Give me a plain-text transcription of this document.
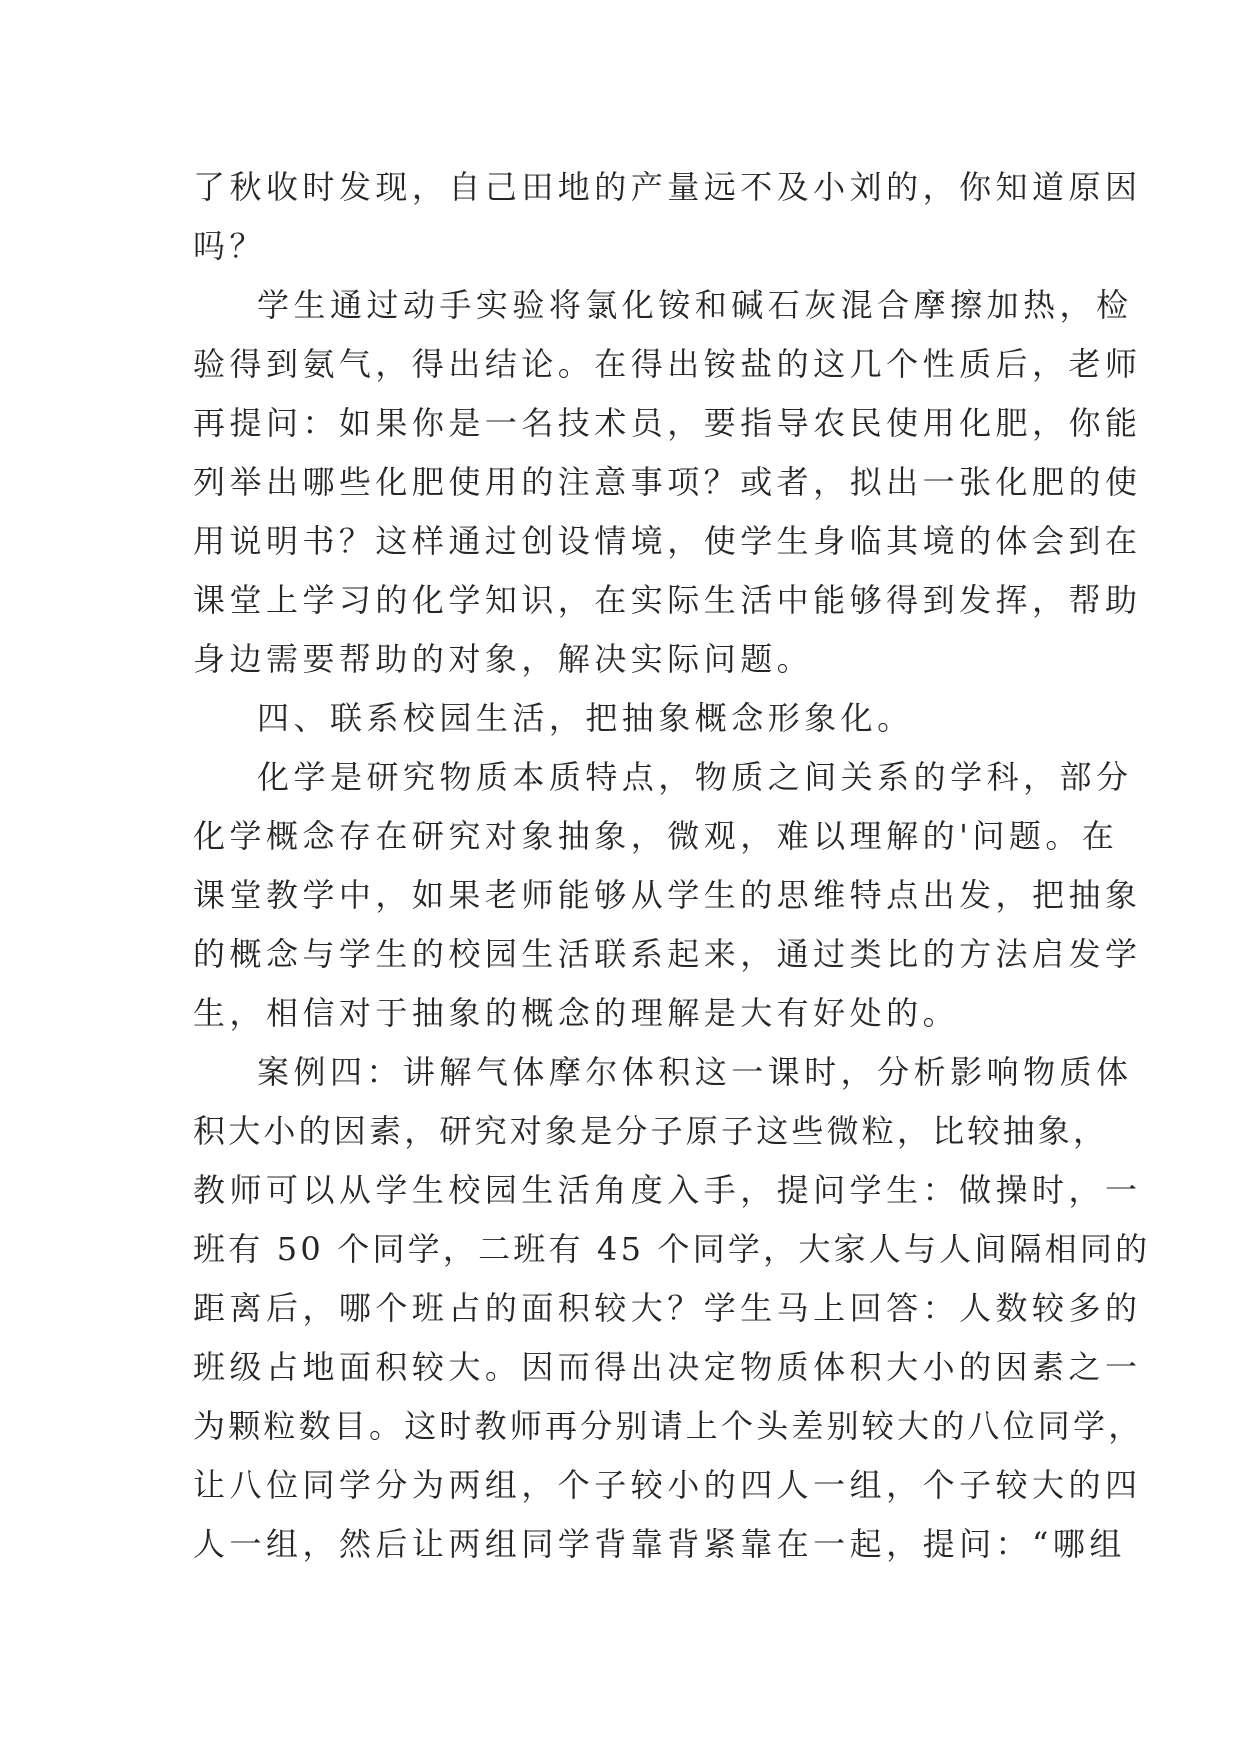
了秋收时发现，自己田地的产量远不及小刘的，你知道原因
吗？
学生通过动手实验将氯化铵和碱石灰混合摩擦加热，检
验得到氨气，得出结论。在得出铵盐的这几个性质后，老师
再提问：如果你是一名技术员，要指导农民使用化肥，你能
列举出哪些化肥使用的注意事项？或者，拟出一张化肥的使
用说明书？这样通过创设情境，使学生身临其境的体会到在
课堂上学习的化学知识，在实际生活中能够得到发挥，帮助
身边需要帮助的对象，解决实际问题。
四、联系校园生活，把抽象概念形象化。
化学是研究物质本质特点，物质之间关系的学科，部分
化学概念存在研究对象抽象，微观，难以理解的'问题。在
课堂教学中，如果老师能够从学生的思维特点出发，把抽象
的概念与学生的校园生活联系起来，通过类比的方法启发学
生，相信对于抽象的概念的理解是大有好处的。
案例四：讲解气体摩尔体积这一课时，分析影响物质体
积大小的因素，研究对象是分子原子这些微粒，比较抽象，
教师可以从学生校园生活角度入手，提问学生：做操时，一
班有 50 个同学，二班有 45 个同学，大家人与人间隔相同的
距离后，哪个班占的面积较大？学生马上回答：人数较多的
班级占地面积较大。因而得出决定物质体积大小的因素之一
为颗粒数目。这时教师再分别请上个头差别较大的八位同学，
让八位同学分为两组，个子较小的四人一组，个子较大的四
人一组，然后让两组同学背靠背紧靠在一起，提问：“哪组
